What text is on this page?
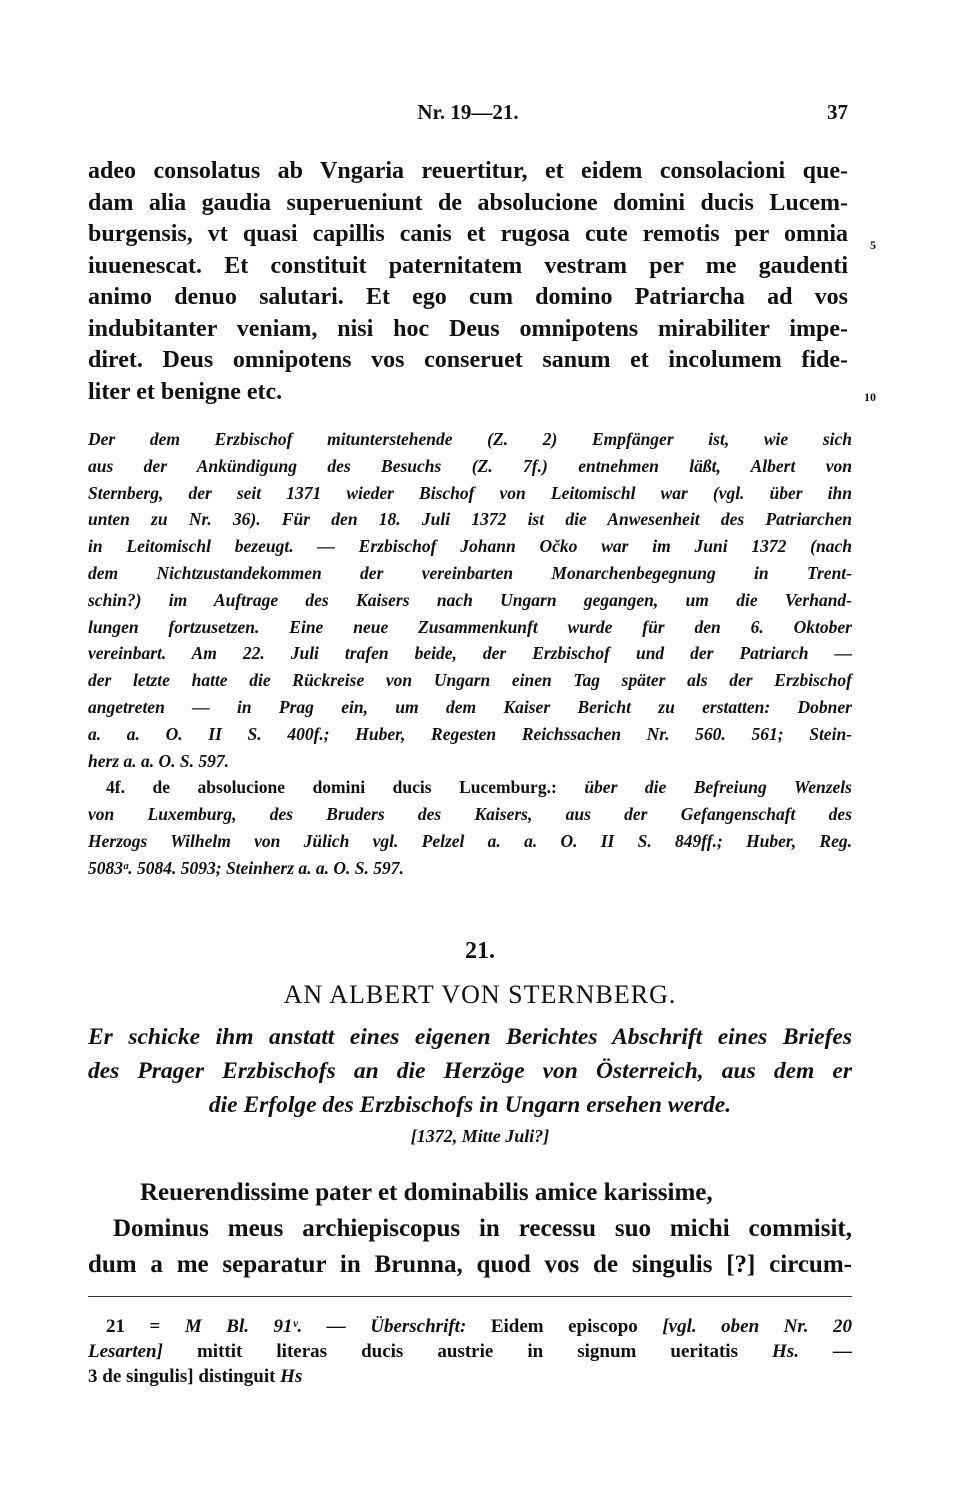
Nr. 19—21.	37
adeo consolatus ab Vngaria reuertitur, et eidem consolacioni que-
dam alia gaudia superueniunt de absolucione domini ducis Lucem-
burgensis, vt quasi capillis canis et rugosa cute remotis per omnia
iuuenescat. Et constituit paternitatem vestram per me gaudenti
animo denuo salutari. Et ego cum domino Patriarcha ad vos
indubitanter veniam, nisi hoc Deus omnipotens mirabiliter impe-
diret. Deus omnipotens vos conseruet sanum et incolumem fide-
liter et benigne etc.
5
10
Der dem Erzbischof mitunterstehende (Z. 2) Empfänger ist, wie sich
aus der Ankündigung des Besuchs (Z. 7f.) entnehmen läßt, Albert von
Sternberg, der seit 1371 wieder Bischof von Leitomischl war (vgl. über ihn
unten zu Nr. 36). Für den 18. Juli 1372 ist die Anwesenheit des Patriarchen
in Leitomischl bezeugt. — Erzbischof Johann Očko war im Juni 1372 (nach
dem Nichtzustandekommen der vereinbarten Monarchenbegegnung in Trent-
schin?) im Auftrage des Kaisers nach Ungarn gegangen, um die Verhand-
lungen fortzusetzen. Eine neue Zusammenkunft wurde für den 6. Oktober
vereinbart. Am 22. Juli trafen beide, der Erzbischof und der Patriarch —
der letzte hatte die Rückreise von Ungarn einen Tag später als der Erzbischof
angetreten — in Prag ein, um dem Kaiser Bericht zu erstatten: Dobner
a. a. O. II S. 400f.; Huber, Regesten Reichssachen Nr. 560. 561; Stein-
herz a. a. O. S. 597.
4f. de absolucione domini ducis Lucemburg.: über die Befreiung Wenzels
von Luxemburg, des Bruders des Kaisers, aus der Gefangenschaft des
Herzogs Wilhelm von Jülich vgl. Pelzel a. a. O. II S. 849ff.; Huber, Reg.
5083ᵃ. 5084. 5093; Steinherz a. a. O. S. 597.
21.
AN ALBERT VON STERNBERG.
Er schicke ihm anstatt eines eigenen Berichtes Abschrift eines Briefes
des Prager Erzbischofs an die Herzöge von Österreich, aus dem er
die Erfolge des Erzbischofs in Ungarn ersehen werde.
[1372, Mitte Juli?]
Reuerendissime pater et dominabilis amice karissime,
Dominus meus archiepiscopus in recessu suo michi commisit,
dum a me separatur in Brunna, quod vos de singulis [?] circum-
21 = M Bl. 91ᵛ. — Überschrift: Eidem episcopo [vgl. oben Nr. 20
Lesarten] mittit literas ducis austrie in signum ueritatis Hs. —
3 de singulis] distinguit Hs
